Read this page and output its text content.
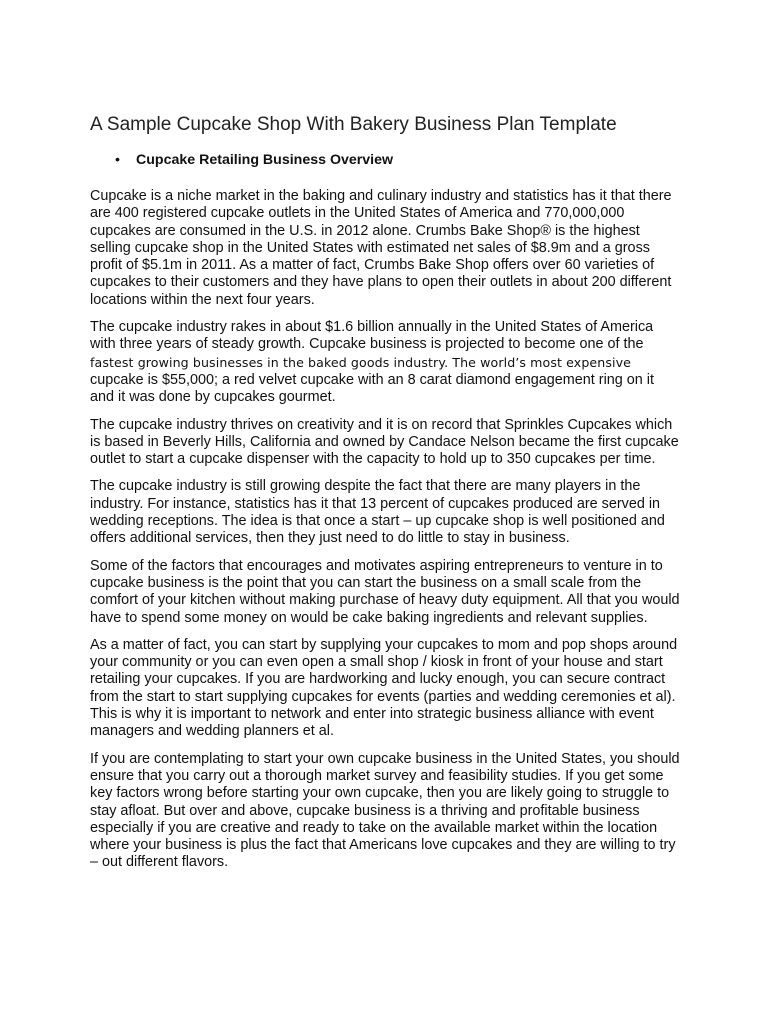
A Sample Cupcake Shop With Bakery Business Plan Template
• Cupcake Retailing Business Overview

Cupcake is a niche market in the baking and culinary industry and statistics has it that there are 400 registered cupcake outlets in the United States of America and 770,000,000 cupcakes are consumed in the U.S. in 2012 alone. Crumbs Bake Shop® is the highest selling cupcake shop in the United States with estimated net sales of $8.9m and a gross profit of $5.1m in 2011. As a matter of fact, Crumbs Bake Shop offers over 60 varieties of cupcakes to their customers and they have plans to open their outlets in about 200 different locations within the next four years.

The cupcake industry rakes in about $1.6 billion annually in the United States of America with three years of steady growth. Cupcake business is projected to become one of the fastest growing businesses in the baked goods industry. The world’s most expensive cupcake is $55,000; a red velvet cupcake with an 8 carat diamond engagement ring on it and it was done by cupcakes gourmet.

The cupcake industry thrives on creativity and it is on record that Sprinkles Cupcakes which is based in Beverly Hills, California and owned by Candace Nelson became the first cupcake outlet to start a cupcake dispenser with the capacity to hold up to 350 cupcakes per time.

The cupcake industry is still growing despite the fact that there are many players in the industry. For instance, statistics has it that 13 percent of cupcakes produced are served in wedding receptions. The idea is that once a start – up cupcake shop is well positioned and offers additional services, then they just need to do little to stay in business.

Some of the factors that encourages and motivates aspiring entrepreneurs to venture in to cupcake business is the point that you can start the business on a small scale from the comfort of your kitchen without making purchase of heavy duty equipment. All that you would have to spend some money on would be cake baking ingredients and relevant supplies.

As a matter of fact, you can start by supplying your cupcakes to mom and pop shops around your community or you can even open a small shop / kiosk in front of your house and start retailing your cupcakes. If you are hardworking and lucky enough, you can secure contract from the start to start supplying cupcakes for events (parties and wedding ceremonies et al). This is why it is important to network and enter into strategic business alliance with event managers and wedding planners et al.

If you are contemplating to start your own cupcake business in the United States, you should ensure that you carry out a thorough market survey and feasibility studies. If you get some key factors wrong before starting your own cupcake, then you are likely going to struggle to stay afloat. But over and above, cupcake business is a thriving and profitable business especially if you are creative and ready to take on the available market within the location where your business is plus the fact that Americans love cupcakes and they are willing to try – out different flavors.
